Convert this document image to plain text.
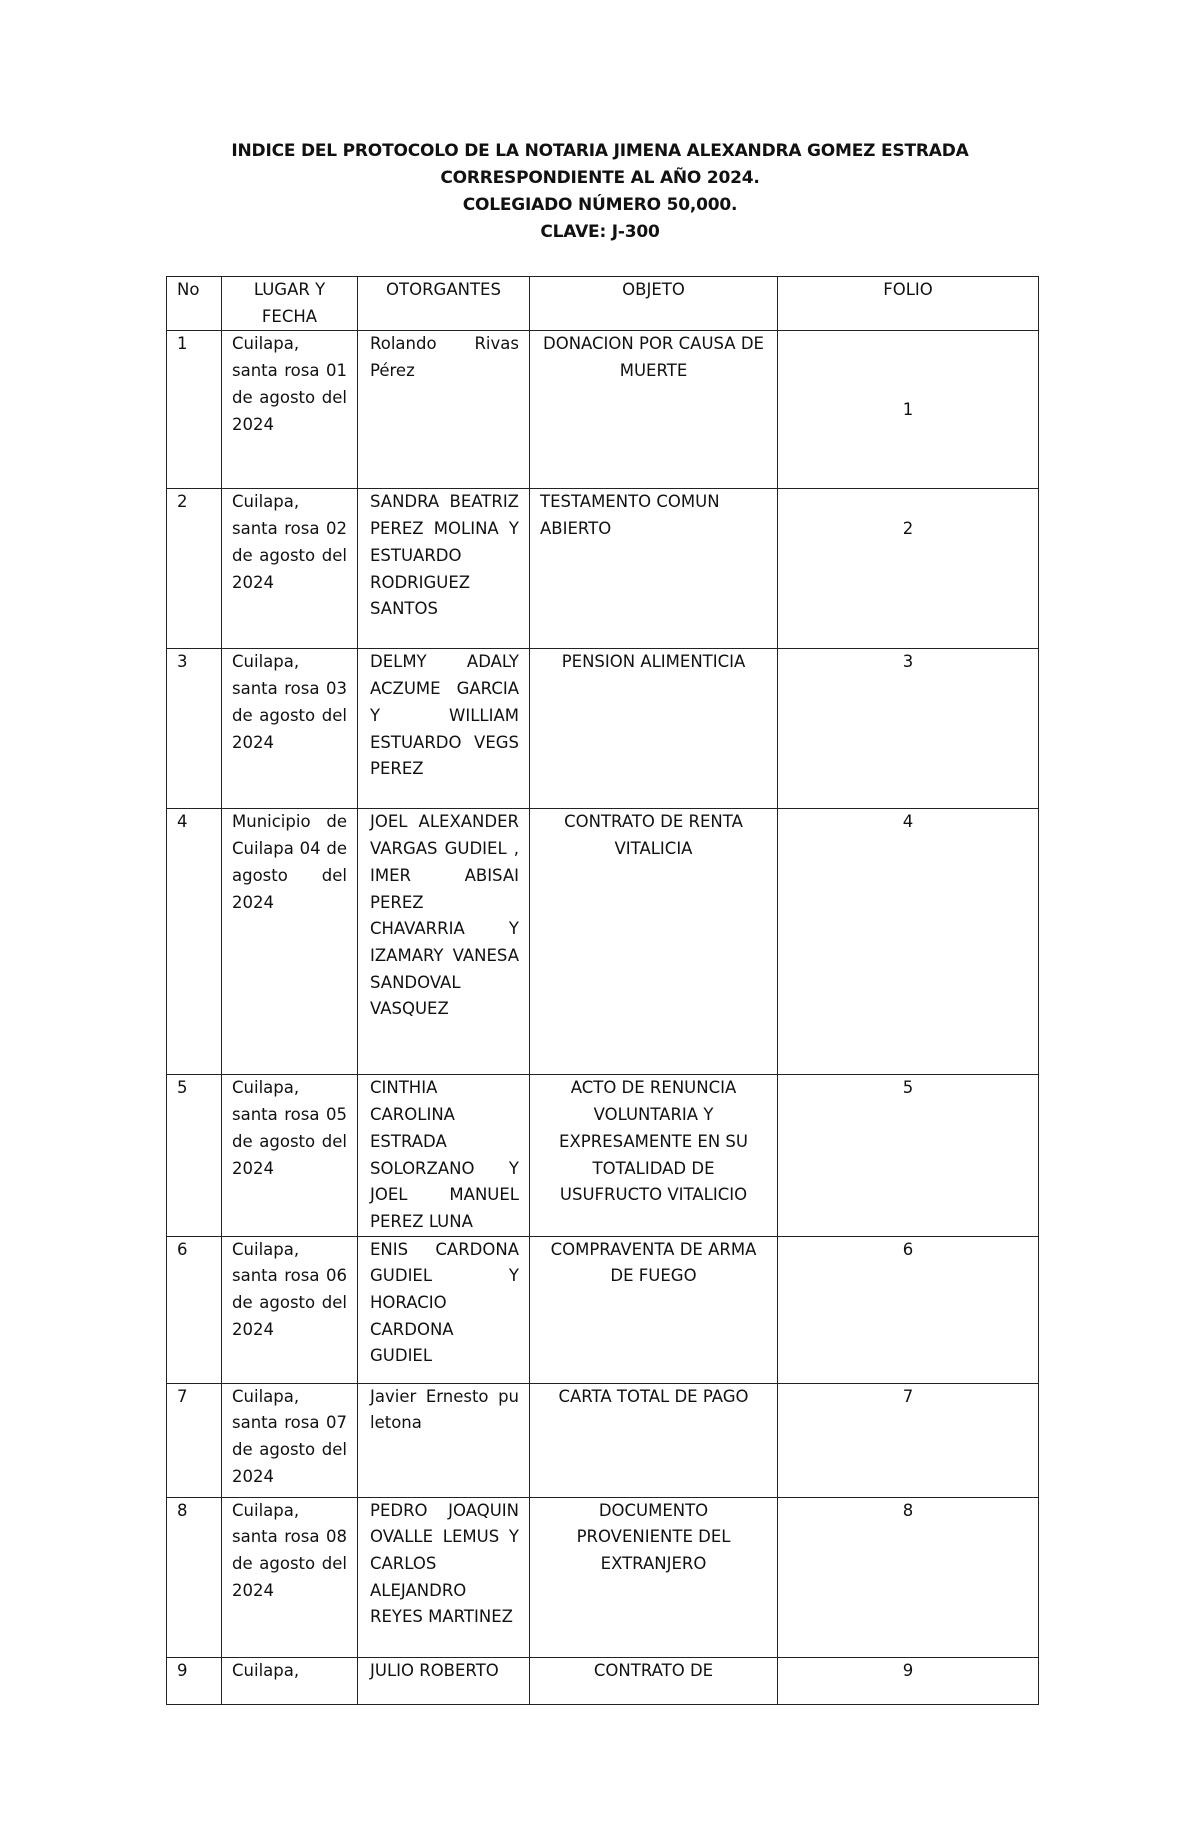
INDICE DEL PROTOCOLO DE LA NOTARIA JIMENA ALEXANDRA GOMEZ ESTRADA
CORRESPONDIENTE AL AÑO 2024.
COLEGIADO NÚMERO 50,000.
CLAVE: J-300
No	LUGAR Y FECHA	OTORGANTES	OBJETO	FOLIO
1	Cuilapa, santa rosa 01 de agosto del 2024	Rolando Rivas Pérez	DONACION POR CAUSA DE MUERTE	1
2	Cuilapa, santa rosa 02 de agosto del 2024	SANDRA BEATRIZ PEREZ MOLINA Y ESTUARDO RODRIGUEZ SANTOS	TESTAMENTO COMUN ABIERTO	2
3	Cuilapa, santa rosa 03 de agosto del 2024	DELMY ADALY ACZUME GARCIA Y WILLIAM ESTUARDO VEGS PEREZ	PENSION ALIMENTICIA	3
4	Municipio de Cuilapa 04 de agosto del 2024	JOEL ALEXANDER VARGAS GUDIEL , IMER ABISAI PEREZ CHAVARRIA Y IZAMARY VANESA SANDOVAL VASQUEZ	CONTRATO DE RENTA VITALICIA	4
5	Cuilapa, santa rosa 05 de agosto del 2024	CINTHIA CAROLINA ESTRADA SOLORZANO Y JOEL MANUEL PEREZ LUNA	ACTO DE RENUNCIA VOLUNTARIA Y EXPRESAMENTE EN SU TOTALIDAD DE USUFRUCTO VITALICIO	5
6	Cuilapa, santa rosa 06 de agosto del 2024	ENIS CARDONA GUDIEL Y HORACIO CARDONA GUDIEL	COMPRAVENTA DE ARMA DE FUEGO	6
7	Cuilapa, santa rosa 07 de agosto del 2024	Javier Ernesto pu letona	CARTA TOTAL DE PAGO	7
8	Cuilapa, santa rosa 08 de agosto del 2024	PEDRO JOAQUIN OVALLE LEMUS Y CARLOS ALEJANDRO REYES MARTINEZ	DOCUMENTO PROVENIENTE DEL EXTRANJERO	8
9	Cuilapa,	JULIO ROBERTO	CONTRATO DE	9
